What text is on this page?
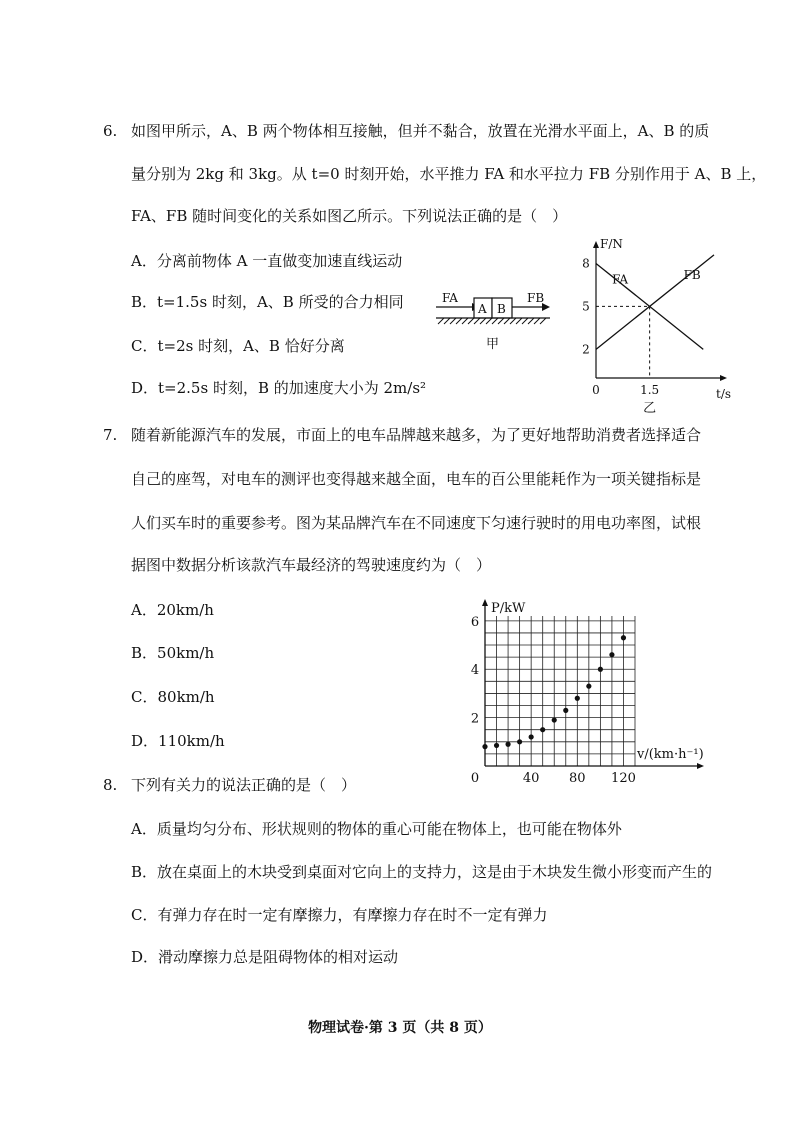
6. 如图甲所示，A、B 两个物体相互接触，但并不黏合，放置在光滑水平面上，A、B 的质
量分别为 2kg 和 3kg。从 t=0 时刻开始，水平推力 FA 和水平拉力 FB 分别作用于 A、B 上，
FA、FB 随时间变化的关系如图乙所示。下列说法正确的是（　）
A．分离前物体 A 一直做变加速直线运动
B．t=1.5s 时刻，A、B 所受的合力相同
C．t=2s 时刻，A、B 恰好分离
D．t=2.5s 时刻，B 的加速度大小为 2m/s²
FA
A B
FB
甲
F/N
t/s
2
5
8
0	1.5
FA	FB
乙
7. 随着新能源汽车的发展，市面上的电车品牌越来越多，为了更好地帮助消费者选择适合
自己的座驾，对电车的测评也变得越来越全面，电车的百公里能耗作为一项关键指标是
人们买车时的重要参考。图为某品牌汽车在不同速度下匀速行驶时的用电功率图，试根
据图中数据分析该款汽车最经济的驾驶速度约为（　）
A．20km/h
B．50km/h
C．80km/h
D．110km/h
P/kW
v/(km·h⁻¹)
2
4
6
0	40 80 120
8. 下列有关力的说法正确的是（　）
A．质量均匀分布、形状规则的物体的重心可能在物体上，也可能在物体外
B．放在桌面上的木块受到桌面对它向上的支持力，这是由于木块发生微小形变而产生的
C．有弹力存在时一定有摩擦力，有摩擦力存在时不一定有弹力
D．滑动摩擦力总是阻碍物体的相对运动
物理试卷·第 3 页（共 8 页）
